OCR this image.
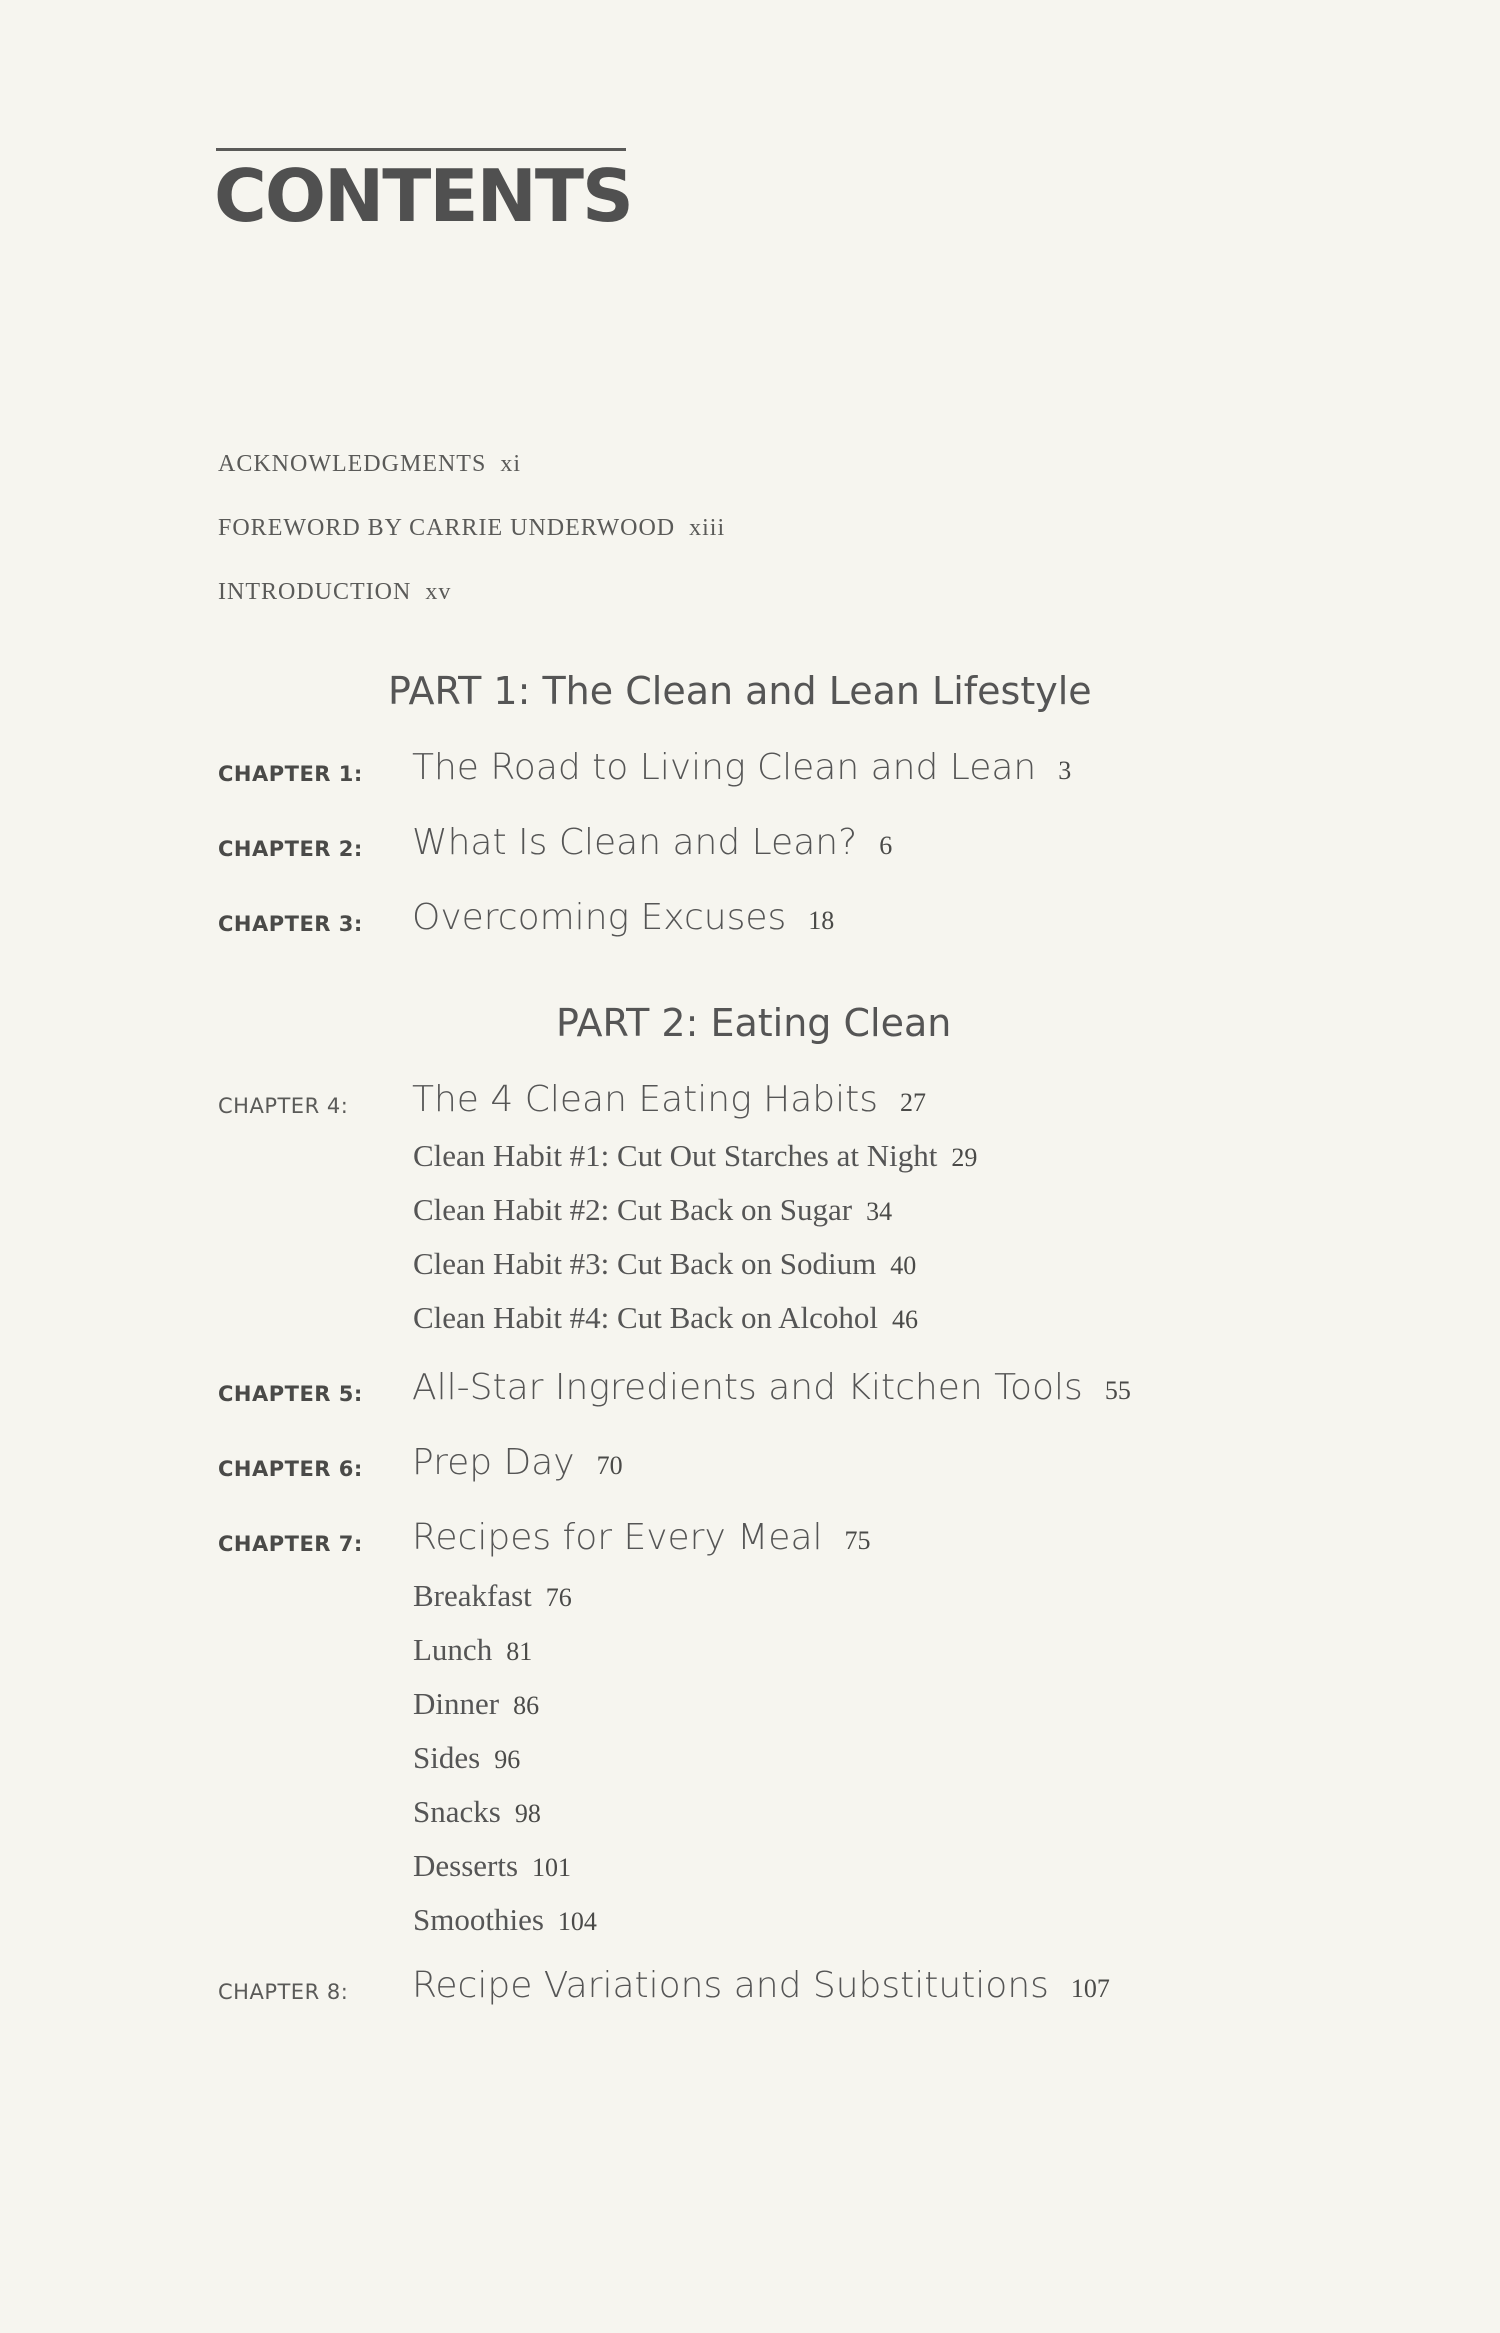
CONTENTS
ACKNOWLEDGMENTS xi
FOREWORD BY CARRIE UNDERWOOD xiii
INTRODUCTION xv
PART 1: The Clean and Lean Lifestyle
CHAPTER 1: The Road to Living Clean and Lean 3
CHAPTER 2: What Is Clean and Lean? 6
CHAPTER 3: Overcoming Excuses 18
PART 2: Eating Clean
CHAPTER 4: The 4 Clean Eating Habits 27
Clean Habit #1: Cut Out Starches at Night 29
Clean Habit #2: Cut Back on Sugar 34
Clean Habit #3: Cut Back on Sodium 40
Clean Habit #4: Cut Back on Alcohol 46
CHAPTER 5: All-Star Ingredients and Kitchen Tools 55
CHAPTER 6: Prep Day 70
CHAPTER 7: Recipes for Every Meal 75
Breakfast 76
Lunch 81
Dinner 86
Sides 96
Snacks 98
Desserts 101
Smoothies 104
CHAPTER 8: Recipe Variations and Substitutions 107
